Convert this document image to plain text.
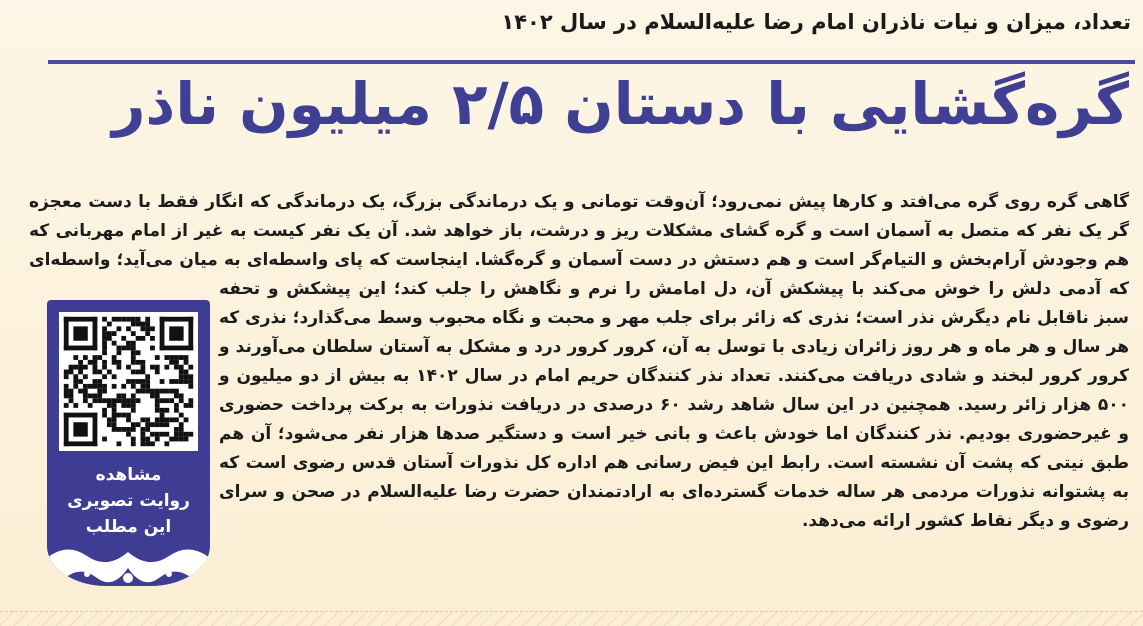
تعداد، میزان و نیات ناذران امام رضا علیه‌السلام در سال ۱۴۰۲
گره‌گشایی با دستان ۲/۵ میلیون ناذر

گاهی گره روی گره می‌افتد و کارها پیش نمی‌رود؛ آن‌وقت تومانی و یک درماندگی بزرگ، یک درماندگی که انگار فقط با دست معجزه گر یک نفر که متصل به آسمان است و گره گشای مشکلات ریز و درشت، باز خواهد شد. آن یک نفر کیست به غیر از امام مهربانی که هم وجودش آرام‌بخش و التیام‌گر است و هم دستش در دست آسمان و گره‌گشا. اینجاست که پای واسطه‌ای به میان می‌آید؛ واسطه‌ای که آدمی دلش را خوش می‌کند با پیشکش آن، دل امامش را نرم و نگاهش را جلب کند؛ این پیشکش و تحفه سبز ناقابل نام دیگرش نذر است؛ نذری که زائر برای جلب مهر و محبت و نگاه محبوب وسط می‌گذارد؛ نذری که هر سال و هر ماه و هر روز زائران زیادی با توسل به آن، کرور کرور درد و مشکل به آستان سلطان می‌آورند و کرور کرور لبخند و شادی دریافت می‌کنند. تعداد نذر کنندگان حریم امام در سال ۱۴۰۲ به بیش از دو میلیون و ۵۰۰ هزار زائر رسید. همچنین در این سال شاهد رشد ۶۰ درصدی در دریافت نذورات به برکت پرداخت حضوری و غیرحضوری بودیم. نذر کنندگان اما خودش باعث و بانی خیر است و دستگیر صدها هزار نفر می‌شود؛ آن هم طبق نیتی که پشت آن نشسته است. رابط این فیض رسانی هم اداره کل نذورات آستان قدس رضوی است که به پشتوانه نذورات مردمی هر ساله خدمات گسترده‌ای به ارادتمندان حضرت رضا علیه‌السلام در صحن و سرای رضوی و دیگر نقاط کشور ارائه می‌دهد.

مشاهده
روایت تصویری
این مطلب
